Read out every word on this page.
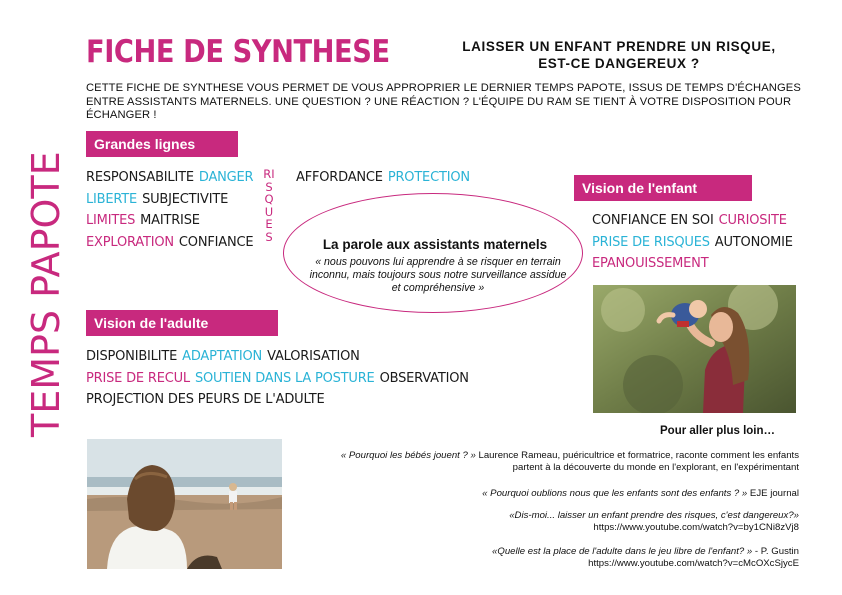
FICHE DE SYNTHESE	LAISSER UN ENFANT PRENDRE UN RISQUE,
EST-CE DANGEREUX ?
CETTE FICHE DE SYNTHESE VOUS PERMET DE VOUS APPROPRIER LE DERNIER TEMPS PAPOTE, ISSUS DE TEMPS D'ÉCHANGES ENTRE ASSISTANTS MATERNELS. UNE QUESTION ? UNE RÉACTION ? L'ÉQUIPE DU RAM SE TIENT À VOTRE DISPOSITION POUR ÉCHANGER !
TEMPS PAPOTE
Grandes lignes
RESPONSABILITE DANGER
LIBERTE SUBJECTIVITE
LIMITES MAITRISE
EXPLORATION CONFIANCE
RISQUES
AFFORDANCE PROTECTION
La parole aux assistants maternels
« nous pouvons lui apprendre à se risquer en terrain inconnu, mais toujours sous notre surveillance assidue et compréhensive »
Vision de l'enfant
CONFIANCE EN SOI CURIOSITE
PRISE DE RISQUES AUTONOMIE
EPANOUISSEMENT
Vision de l'adulte
DISPONIBILITE ADAPTATION VALORISATION
PRISE DE RECUL SOUTIEN DANS LA POSTURE OBSERVATION
PROJECTION DES PEURS DE L'ADULTE
Pour aller plus loin…
« Pourquoi les bébés jouent ? » Laurence Rameau, puéricultrice et formatrice, raconte comment les enfants
partent à la découverte du monde en l'explorant, en l'expérimentant
« Pourquoi oublions nous que les enfants sont des enfants ? » EJE journal
«Dis-moi... laisser un enfant prendre des risques, c'est dangereux?»
https://www.youtube.com/watch?v=by1CNi8zVj8
«Quelle est la place de l'adulte dans le jeu libre de l'enfant? » - P. Gustin
https://www.youtube.com/watch?v=cMcOXcSjycE
